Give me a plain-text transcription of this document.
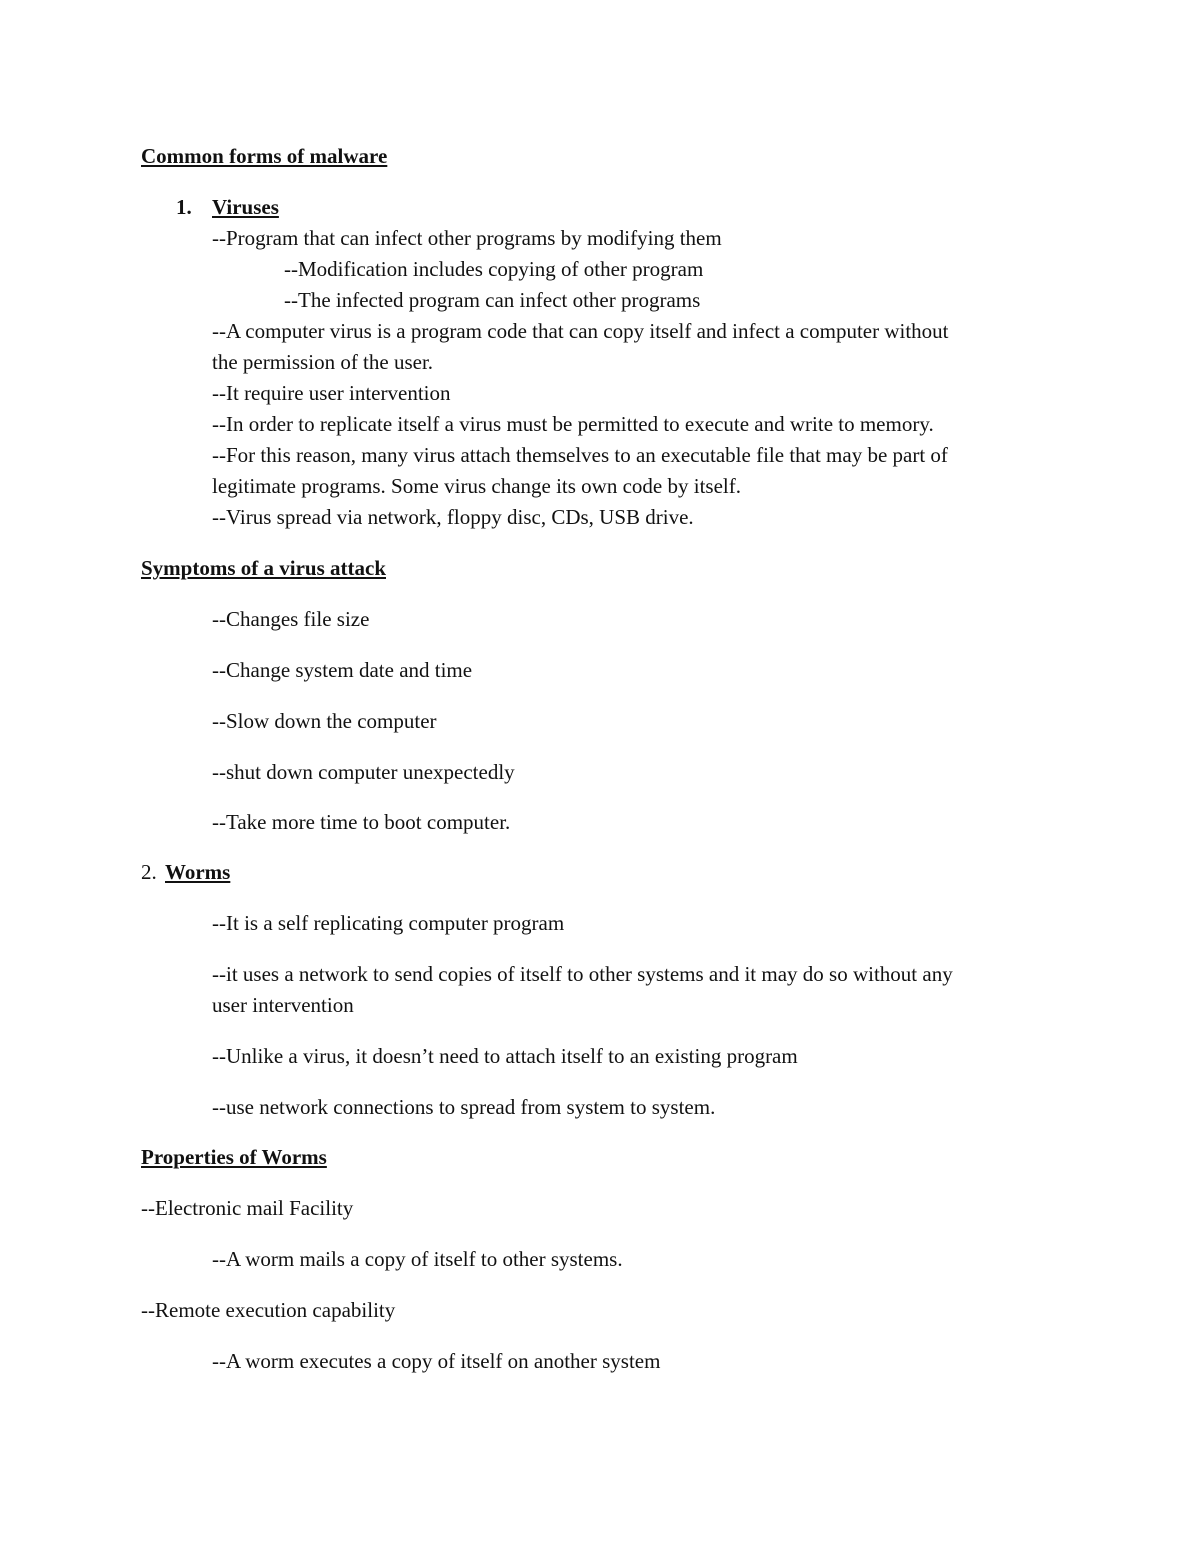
Common forms of malware
1. Viruses
--Program that can infect other programs by modifying them
--Modification includes copying of other program
--The infected program can infect other programs
--A computer virus is a program code that can copy itself and infect a computer without
the permission of the user.
--It require user intervention
--In order to replicate itself a virus must be permitted to execute and write to memory.
--For this reason, many virus attach themselves to an executable file that may be part of
legitimate programs. Some virus change its own code by itself.
--Virus spread via network, floppy disc, CDs, USB drive.
Symptoms of a virus attack
--Changes file size
--Change system date and time
--Slow down the computer
--shut down computer unexpectedly
--Take more time to boot computer.
2. Worms
--It is a self replicating computer program
--it uses a network to send copies of itself to other systems and it may do so without any
user intervention
--Unlike a virus, it doesn’t need to attach itself to an existing program
--use network connections to spread from system to system.
Properties of Worms
--Electronic mail Facility
--A worm mails a copy of itself to other systems.
--Remote execution capability
--A worm executes a copy of itself on another system
